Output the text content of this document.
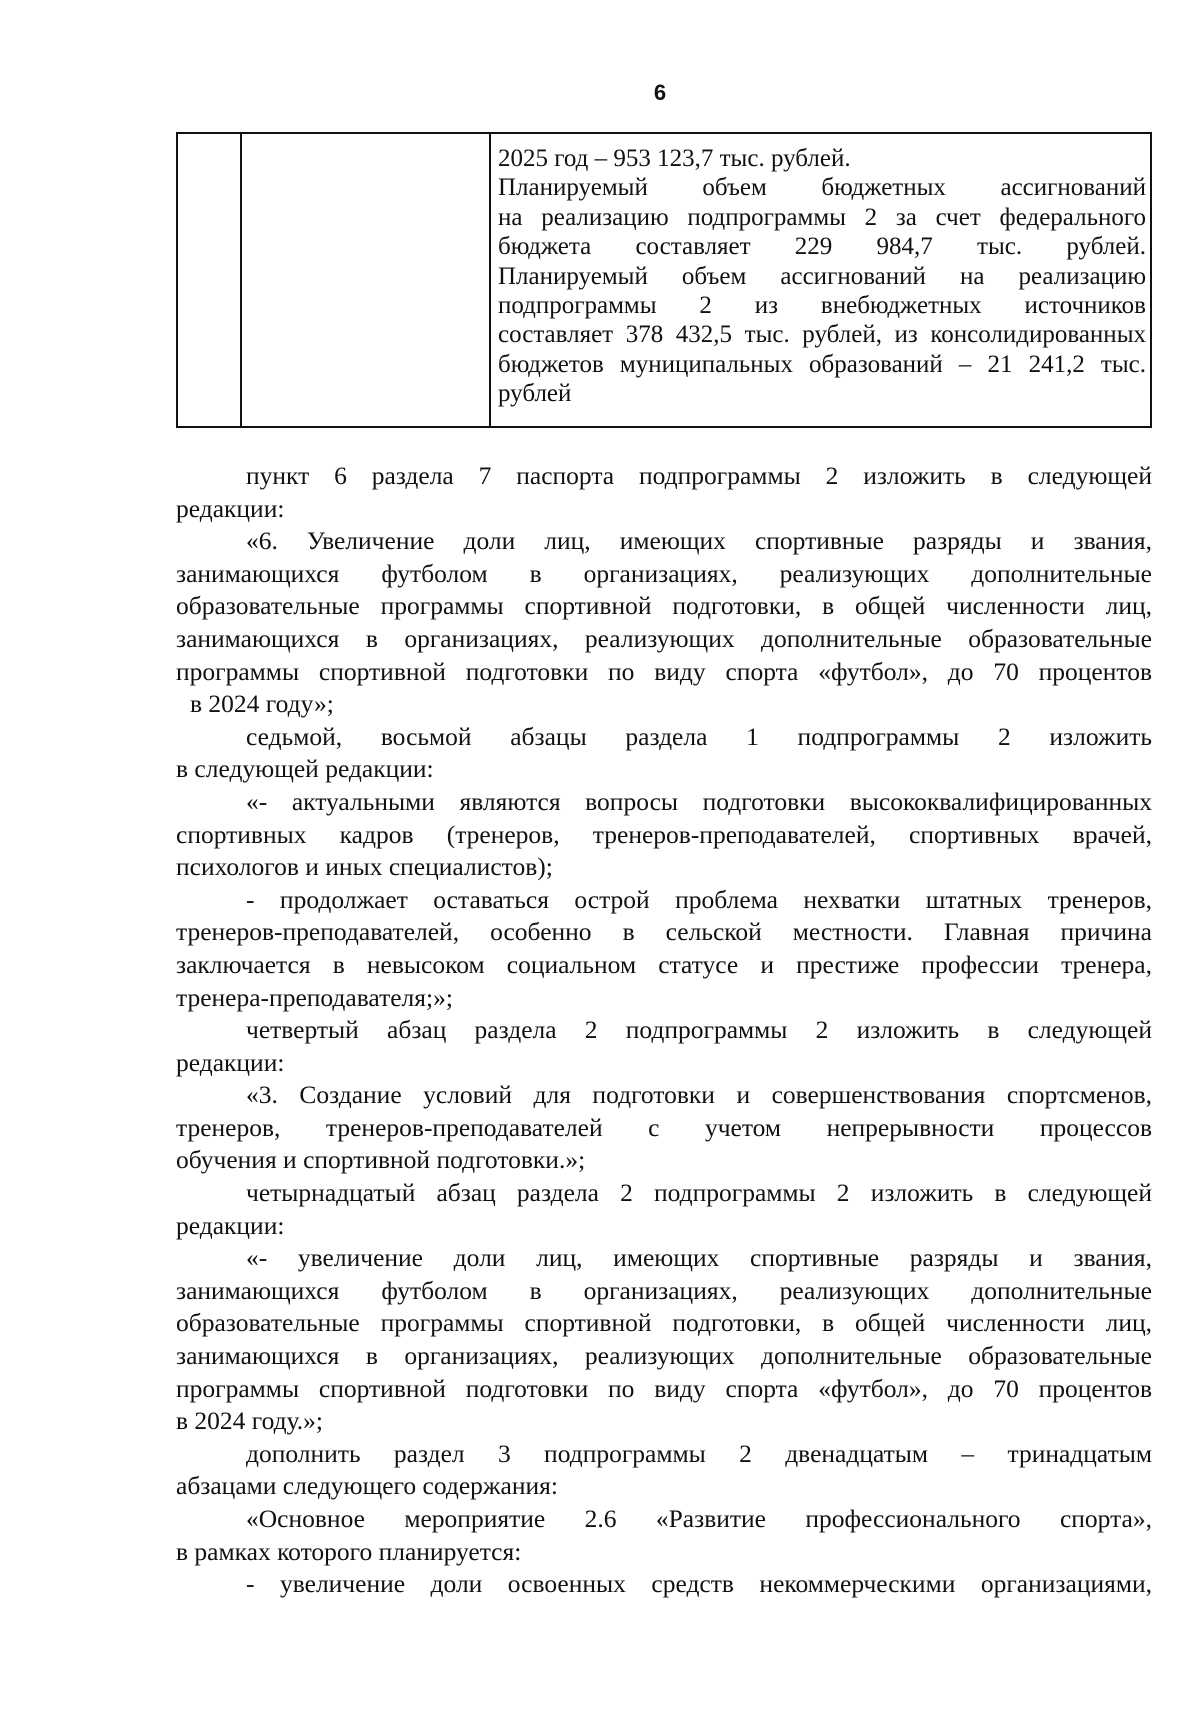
6
2025 год – 953 123,7 тыс. рублей.
Планируемый объем бюджетных ассигнований
на реализацию подпрограммы 2 за счет федерального
бюджета составляет 229 984,7 тыс. рублей.
Планируемый объем ассигнований на реализацию
подпрограммы 2 из внебюджетных источников
составляет 378 432,5 тыс. рублей, из консолидированных
бюджетов муниципальных образований – 21 241,2 тыс.
рублей
пункт 6 раздела 7 паспорта подпрограммы 2 изложить в следующей
редакции:
«6. Увеличение доли лиц, имеющих спортивные разряды и звания,
занимающихся футболом в организациях, реализующих дополнительные
образовательные программы спортивной подготовки, в общей численности лиц,
занимающихся в организациях, реализующих дополнительные образовательные
программы спортивной подготовки по виду спорта «футбол», до 70 процентов
в 2024 году»;
седьмой, восьмой абзацы раздела 1 подпрограммы 2 изложить
в следующей редакции:
«- актуальными являются вопросы подготовки высококвалифицированных
спортивных кадров (тренеров, тренеров-преподавателей, спортивных врачей,
психологов и иных специалистов);
- продолжает оставаться острой проблема нехватки штатных тренеров,
тренеров-преподавателей, особенно в сельской местности. Главная причина
заключается в невысоком социальном статусе и престиже профессии тренера,
тренера-преподавателя;»;
четвертый абзац раздела 2 подпрограммы 2 изложить в следующей
редакции:
«3. Создание условий для подготовки и совершенствования спортсменов,
тренеров, тренеров-преподавателей с учетом непрерывности процессов
обучения и спортивной подготовки.»;
четырнадцатый абзац раздела 2 подпрограммы 2 изложить в следующей
редакции:
«- увеличение доли лиц, имеющих спортивные разряды и звания,
занимающихся футболом в организациях, реализующих дополнительные
образовательные программы спортивной подготовки, в общей численности лиц,
занимающихся в организациях, реализующих дополнительные образовательные
программы спортивной подготовки по виду спорта «футбол», до 70 процентов
в 2024 году.»;
дополнить раздел 3 подпрограммы 2 двенадцатым – тринадцатым
абзацами следующего содержания:
«Основное мероприятие 2.6 «Развитие профессионального спорта»,
в рамках которого планируется:
- увеличение доли освоенных средств некоммерческими организациями,
